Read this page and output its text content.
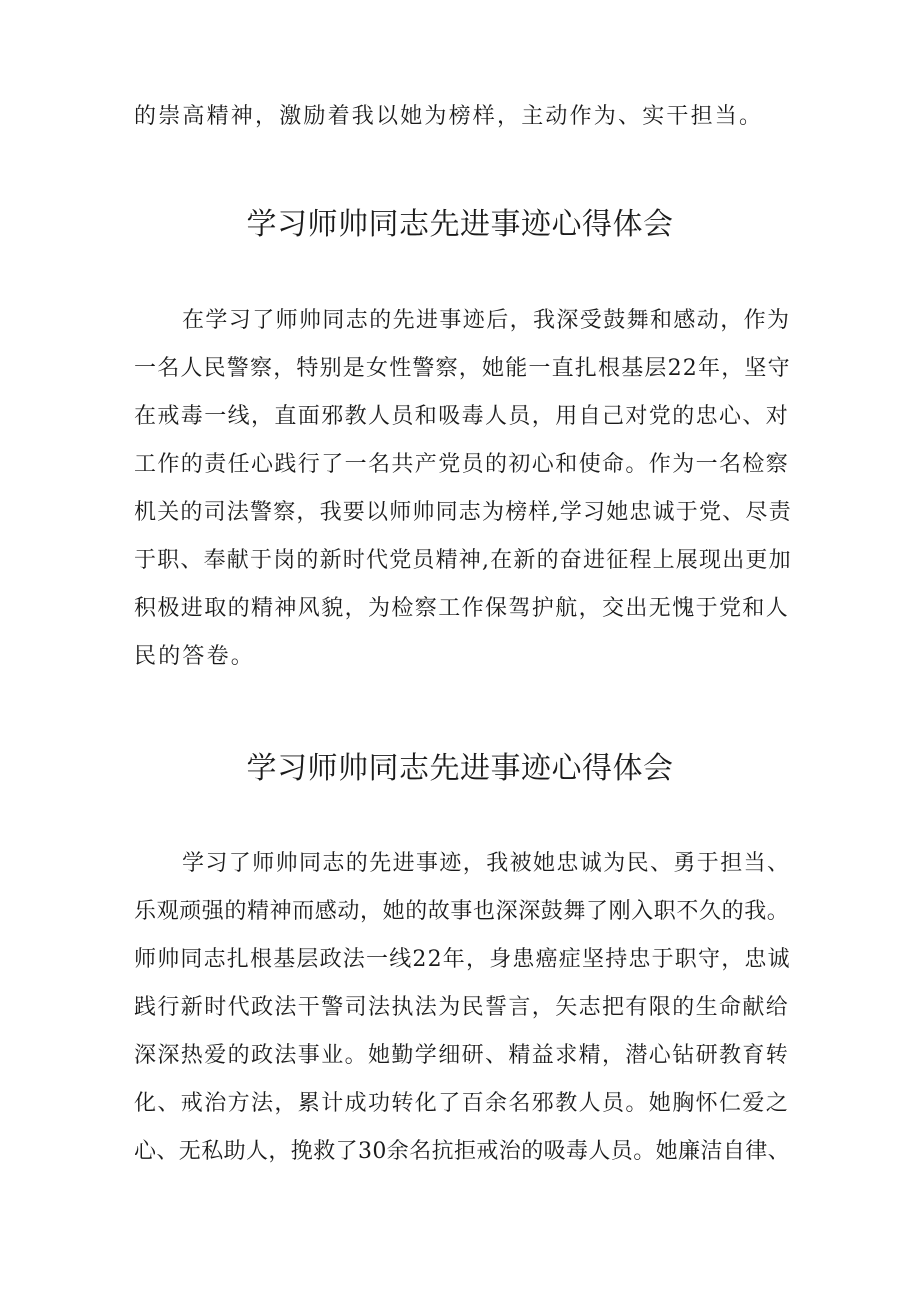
的崇高精神，激励着我以她为榜样，主动作为、实干担当。
学习师帅同志先进事迹心得体会
在学习了师帅同志的先进事迹后，我深受鼓舞和感动，作为
一名人民警察，特别是女性警察，她能一直扎根基层22年，坚守
在戒毒一线，直面邪教人员和吸毒人员，用自己对党的忠心、对
工作的责任心践行了一名共产党员的初心和使命。作为一名检察
机关的司法警察，我要以师帅同志为榜样,学习她忠诚于党、尽责
于职、奉献于岗的新时代党员精神,在新的奋进征程上展现出更加
积极进取的精神风貌，为检察工作保驾护航，交出无愧于党和人
民的答卷。
学习师帅同志先进事迹心得体会
学习了师帅同志的先进事迹，我被她忠诚为民、勇于担当、
乐观顽强的精神而感动，她的故事也深深鼓舞了刚入职不久的我。
师帅同志扎根基层政法一线22年，身患癌症坚持忠于职守，忠诚
践行新时代政法干警司法执法为民誓言，矢志把有限的生命献给
深深热爱的政法事业。她勤学细研、精益求精，潜心钻研教育转
化、戒治方法，累计成功转化了百余名邪教人员。她胸怀仁爱之
心、无私助人，挽救了30余名抗拒戒治的吸毒人员。她廉洁自律、
